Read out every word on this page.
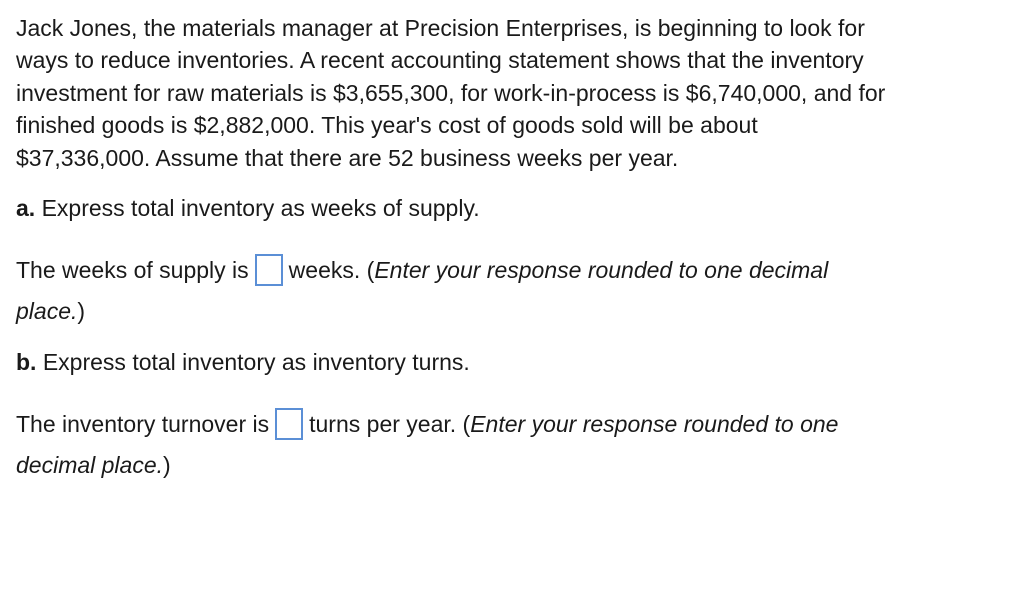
Jack Jones, the materials manager at Precision Enterprises, is beginning to look for
ways to reduce inventories. A recent accounting statement shows that the inventory
investment for raw materials is $3,655,300, for work-in-process is $6,740,000, and for
finished goods is $2,882,000. This year's cost of goods sold will be about
$37,336,000. Assume that there are 52 business weeks per year.
a. Express total inventory as weeks of supply.
The weeks of supply is weeks. (Enter your response rounded to one decimal
place.)
b. Express total inventory as inventory turns.
The inventory turnover is turns per year. (Enter your response rounded to one
decimal place.)
